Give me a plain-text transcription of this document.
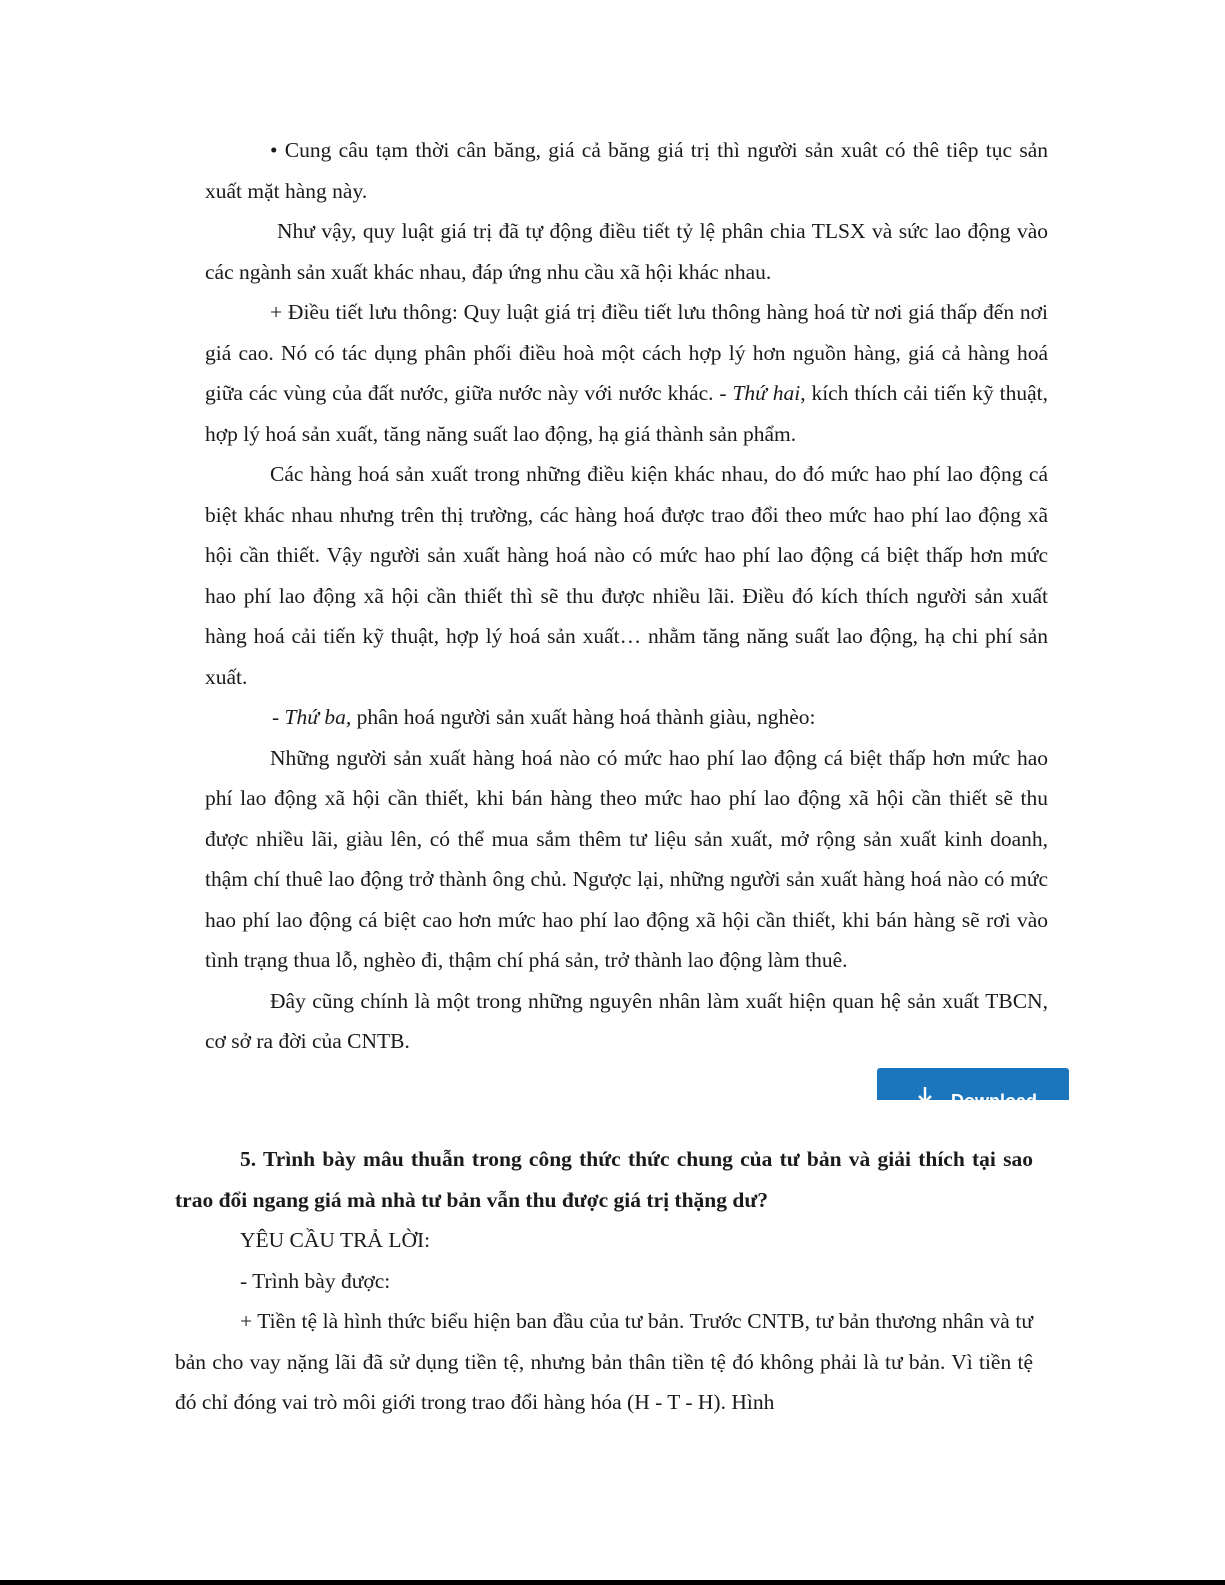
• Cung câu tạm thời cân băng, giá cả băng giá trị thì người sản xuât có thê tiêp tục sản xuất mặt hàng này.

Như vậy, quy luật giá trị đã tự động điều tiết tỷ lệ phân chia TLSX và sức lao động vào các ngành sản xuất khác nhau, đáp ứng nhu cầu xã hội khác nhau.

+ Điều tiết lưu thông: Quy luật giá trị điều tiết lưu thông hàng hoá từ nơi giá thấp đến nơi giá cao. Nó có tác dụng phân phối điều hoà một cách hợp lý hơn nguồn hàng, giá cả hàng hoá giữa các vùng của đất nước, giữa nước này với nước khác. - Thứ hai, kích thích cải tiến kỹ thuật, hợp lý hoá sản xuất, tăng năng suất lao động, hạ giá thành sản phẩm.

Các hàng hoá sản xuất trong những điều kiện khác nhau, do đó mức hao phí lao động cá biệt khác nhau nhưng trên thị trường, các hàng hoá được trao đổi theo mức hao phí lao động xã hội cần thiết. Vậy người sản xuất hàng hoá nào có mức hao phí lao động cá biệt thấp hơn mức hao phí lao động xã hội cần thiết thì sẽ thu được nhiều lãi. Điều đó kích thích người sản xuất hàng hoá cải tiến kỹ thuật, hợp lý hoá sản xuất… nhằm tăng năng suất lao động, hạ chi phí sản xuất.

- Thứ ba, phân hoá người sản xuất hàng hoá thành giàu, nghèo:

Những người sản xuất hàng hoá nào có mức hao phí lao động cá biệt thấp hơn mức hao phí lao động xã hội cần thiết, khi bán hàng theo mức hao phí lao động xã hội cần thiết sẽ thu được nhiều lãi, giàu lên, có thể mua sắm thêm tư liệu sản xuất, mở rộng sản xuất kinh doanh, thậm chí thuê lao động trở thành ông chủ. Ngược lại, những người sản xuất hàng hoá nào có mức hao phí lao động cá biệt cao hơn mức hao phí lao động xã hội cần thiết, khi bán hàng sẽ rơi vào tình trạng thua lỗ, nghèo đi, thậm chí phá sản, trở thành lao động làm thuê.

Đây cũng chính là một trong những nguyên nhân làm xuất hiện quan hệ sản xuất TBCN, cơ sở ra đời của CNTB.

Download

5. Trình bày mâu thuẫn trong công thức thức chung của tư bản và giải thích tại sao trao đổi ngang giá mà nhà tư bản vẫn thu được giá trị thặng dư?

YÊU CẦU TRẢ LỜI:

- Trình bày được:

+ Tiền tệ là hình thức biểu hiện ban đầu của tư bản. Trước CNTB, tư bản thương nhân và tư bản cho vay nặng lãi đã sử dụng tiền tệ, nhưng bản thân tiền tệ đó không phải là tư bản. Vì tiền tệ đó chỉ đóng vai trò môi giới trong trao đổi hàng hóa (H - T - H). Hình
